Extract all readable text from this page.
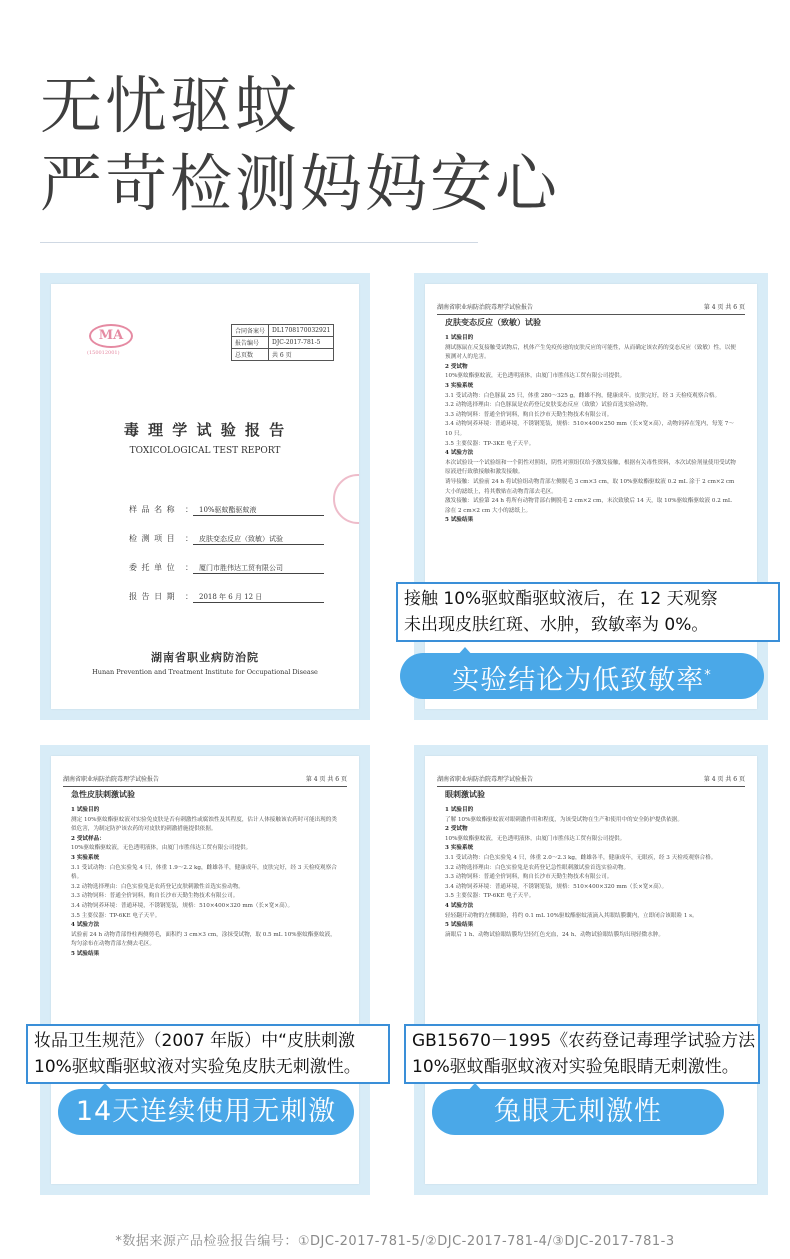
无忧驱蚊
严苛检测妈妈安心
MA
(150012001)
合同备案号	DL1708170032921
报告编号	DJC-2017-781-5
总页数	共 6 页
毒 理 学 试 验 报 告
TOXICOLOGICAL TEST REPORT
样 品 名 称 ： 10%驱蚊酯驱蚊液
检 测 项 目 ： 皮肤变态反应（致敏）试验
委 托 单 位 ： 厦门市胜伟达工贸有限公司
报 告 日 期 ： 2018 年 6 月 12 日
湖南省职业病防治院
Hunan Prevention and Treatment Institute for Occupational Disease
湖南省职业病防治院毒理学试验报告	第 4 页 共 6 页
皮肤变态反应（致敏）试验

1 试验目的

测试豚鼠在反复接触受试物后，机体产生免疫传递的皮肤反应的可能性，从而确定该农药的变态反应（致敏）性，以便预测对人的危害。

2 受试物

10%驱蚊酯驱蚊液，无色透明液体，由厦门市胜伟达工贸有限公司提供。

3 实验系统

3.1 受试动物：白色豚鼠 25 只，体重 280～325 g，雌雄不拘，健康成年。皮肤完好，经 3 天检疫观察合格。

3.2 动物选择理由：白色豚鼠是农药登记皮肤变态反应（致敏）试验首选实验动物。

3.3 动物饲料：普通全价饲料，购自长沙市天勤生物技术有限公司。

3.4 动物饲养环境：普通环境，不锈钢笼装，规格：510×400×250 mm（长×宽×高），动物饲养在笼内，每笼 7～10 只。

3.5 主要仪器：TP-3KE 电子天平。

4 试验方法

本次试验设一个试验组和一个阴性对照组，阴性对照组仅给予激发接触，根据有关毒性资料，本次试验剂量使用受试物原液进行致敏接触和激发接触。

诱导接触：试验前 24 h 将试验组动物背部左侧脱毛 3 cm×3 cm，取 10%驱蚊酯驱蚊液 0.2 mL 涂于 2 cm×2 cm 大小的滤纸上，将其敷贴在动物背部去毛区。

激发接触：试验第 24 h 将所有动物背部右侧脱毛 2 cm×2 cm，末次致敏后 14 天，取 10%驱蚊酯驱蚊液 0.2 mL 涂在 2 cm×2 cm 大小的滤纸上。

5 试验结果

湖南省职业病防治院毒理学试验报告	第 4 页 共 6 页
急性皮肤刺激试验

1 试验目的

测定 10%驱蚊酯驱蚊液对实验免皮肤是否有刺激性或腐蚀性及其程度，估计人体接触该农药时可能出现的类似危害，为制定防护该农药的对皮肤的刺激措施提供依据。

2 受试样品：

10%驱蚊酯驱蚊液，无色透明液体，由厦门市胜伟达工贸有限公司提供。

3 实验系统

3.1 受试动物：白色实验兔 4 只，体重 1.9～2.2 kg，雌雄各半，健康成年，皮肤完好，经 3 天检疫观察合格。

3.2 动物选择理由：白色实验兔是农药登记皮肤刺激性首选实验动物。

3.3 动物饲料：普通全价饲料，购自长沙市天勤生物技术有限公司。

3.4 动物饲养环境：普通环境，不锈钢笼装，规格：510×400×320 mm（长×宽×高）。

3.5 主要仪器：TP-6KE 电子天平。

4 试验方法

试验前 24 h 动物背部脊柱两侧剪毛，面积约 3 cm×3 cm，涂抹受试物，取 0.5 mL 10%驱蚊酯驱蚊液，均匀涂布在动物背部左侧去毛区。

5 试验结果

湖南省职业病防治院毒理学试验报告	第 4 页 共 6 页
眼刺激试验

1 试验目的

了解 10%驱蚊酯驱蚊液对眼刺激作用和程度，为该受试物在生产和使用中的安全防护提供依据。

2 受试物

10%驱蚊酯驱蚊液，无色透明液体，由厦门市胜伟达工贸有限公司提供。

3 实验系统

3.1 受试动物：白色实验兔 4 只，体重 2.0～2.3 kg，雌雄各半，健康成年，无眼疾，经 3 天检疫观察合格。

3.2 动物选择理由：白色实验兔是农药登记急性眼刺激试验首选实验动物。

3.3 动物饲料：普通全价饲料，购自长沙市天勤生物技术有限公司。

3.4 动物饲养环境：普通环境，不锈钢笼装，规格：510×400×320 mm（长×宽×高）。

3.5 主要仪器：TP-6KE 电子天平。

4 试验方法

轻轻翻开动物的左侧眼睑，将约 0.1 mL 10%驱蚊酯驱蚊液滴入其眼结膜囊内，立即闭合该眼睑 1 s。

5 试验结果

滴眼后 1 h、动物试验眼结膜均呈轻红色充血，24 h、动物试验眼结膜均出现轻微水肿。

接触 10%驱蚊酯驱蚊液后，在 12 天观察
未出现皮肤红斑、水肿，致敏率为 0%。
实验结论为低致敏率*
妆品卫生规范》（2007 年版）中“皮肤刺激
10%驱蚊酯驱蚊液对实验兔皮肤无刺激性。
14天连续使用无刺激
GB15670－1995《农药登记毒理学试验方法
10%驱蚊酯驱蚊液对实验兔眼睛无刺激性。
兔眼无刺激性
*数据来源产品检验报告编号：①DJC-2017-781-5/②DJC-2017-781-4/③DJC-2017-781-3
